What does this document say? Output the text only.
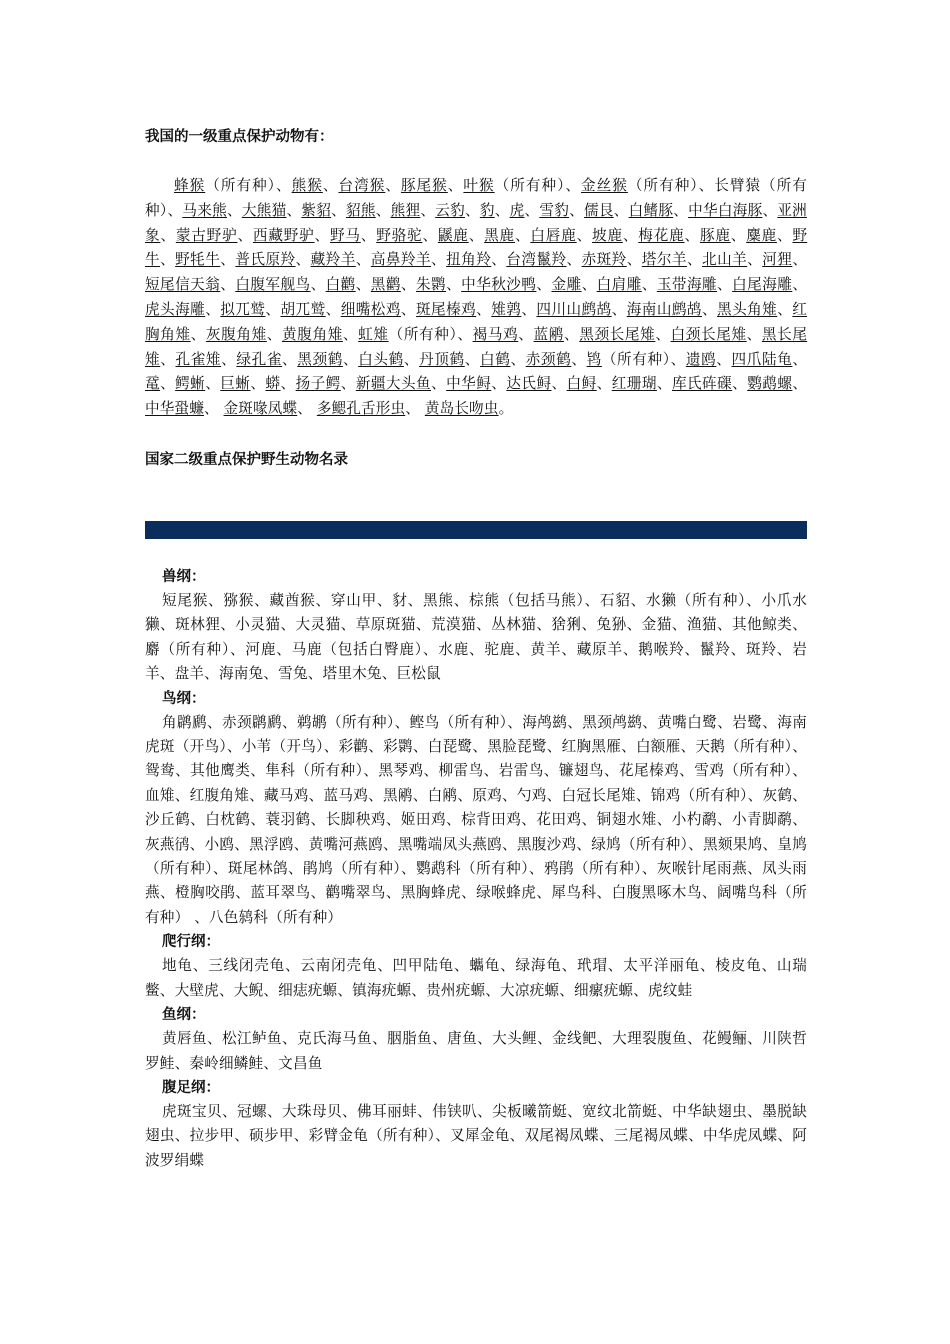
我国的一级重点保护动物有：
蜂猴（所有种）、熊猴、台湾猴、豚尾猴、叶猴（所有种）、金丝猴（所有种）、长臂猿（所有种）、马来熊、大熊猫、紫貂、貂熊、熊狸、云豹、豹、虎、雪豹、儒艮、白鳍豚、中华白海豚、亚洲象、蒙古野驴、西藏野驴、野马、野骆驼、鼷鹿、黑鹿、白唇鹿、坡鹿、梅花鹿、豚鹿、麋鹿、野牛、野牦牛、普氏原羚、藏羚羊、高鼻羚羊、扭角羚、台湾鬣羚、赤斑羚、塔尔羊、北山羊、河狸、短尾信天翁、白腹军舰鸟、白鹳、黑鹳、朱鹮、中华秋沙鸭、金雕、白肩雕、玉带海雕、白尾海雕、虎头海雕、拟兀鹫、胡兀鹫、细嘴松鸡、斑尾榛鸡、雉鹑、四川山鹧鸪、海南山鹧鸪、黑头角雉、红胸角雉、灰腹角雉、黄腹角雉、虹雉（所有种）、褐马鸡、蓝鹇、黑颈长尾雉、白颈长尾雉、黑长尾雉、孔雀雉、绿孔雀、黑颈鹤、白头鹤、丹顶鹤、白鹤、赤颈鹤、鸨（所有种）、遗鸥、四爪陆龟、鼋、鳄蜥、巨蜥、蟒、扬子鳄、新疆大头鱼、中华鲟、达氏鲟、白鲟、红珊瑚、库氏砗磲、鹦鹉螺、 中华蛩蠊、 金斑喙凤蝶、 多鳃孔舌形虫、 黄岛长吻虫。
国家二级重点保护野生动物名录
兽纲：
短尾猴、猕猴、藏酋猴、穿山甲、豺、黑熊、棕熊（包括马熊）、石貂、水獭（所有种）、小爪水獭、斑林狸、小灵猫、大灵猫、草原斑猫、荒漠猫、丛林猫、猞猁、兔狲、金猫、渔猫、其他鲸类、麝（所有种）、河鹿、马鹿（包括白臀鹿）、水鹿、驼鹿、黄羊、藏原羊、鹅喉羚、鬣羚、斑羚、岩羊、盘羊、海南兔、雪兔、塔里木兔、巨松鼠
鸟纲：
角䴙䴘、赤颈䴙䴘、鹈鹕（所有种）、鲣鸟（所有种）、海鸬鹚、黑颈鸬鹚、黄嘴白鹭、岩鹭、海南虎斑（开鸟）、小苇（开鸟）、彩鹳、彩鹮、白琵鹭、黑脸琵鹭、红胸黑雁、白额雁、天鹅（所有种）、鸳鸯、其他鹰类、隼科（所有种）、黑琴鸡、柳雷鸟、岩雷鸟、镰翅鸟、花尾榛鸡、雪鸡（所有种）、血雉、红腹角雉、藏马鸡、蓝马鸡、黑鹇、白鹇、原鸡、勺鸡、白冠长尾雉、锦鸡（所有种）、灰鹤、沙丘鹤、白枕鹤、蓑羽鹤、长脚秧鸡、姬田鸡、棕背田鸡、花田鸡、铜翅水雉、小杓鹬、小青脚鹬、灰燕鸻、小鸥、黑浮鸥、黄嘴河燕鸥、黑嘴端凤头燕鸥、黑腹沙鸡、绿鸠（所有种）、黑颏果鸠、皇鸠（所有种）、斑尾林鸽、鹃鸠（所有种）、鹦鹉科（所有种）、鸦鹃（所有种）、灰喉针尾雨燕、凤头雨燕、橙胸咬鹃、蓝耳翠鸟、鹳嘴翠鸟、黑胸蜂虎、绿喉蜂虎、犀鸟科、白腹黑啄木鸟、阔嘴鸟科（所有种） 、八色鸫科（所有种）
爬行纲：
地龟、三线闭壳龟、云南闭壳龟、凹甲陆龟、蠵龟、绿海龟、玳瑁、太平洋丽龟、棱皮龟、山瑞鳖、大壁虎、大鲵、细痣疣螈、镇海疣螈、贵州疣螈、大凉疣螈、细瘰疣螈、虎纹蛙
鱼纲：
黄唇鱼、松江鲈鱼、克氏海马鱼、胭脂鱼、唐鱼、大头鲤、金线鲃、大理裂腹鱼、花鳗鲡、川陕哲罗鲑、秦岭细鳞鲑、文昌鱼
腹足纲：
虎斑宝贝、冠螺、大珠母贝、佛耳丽蚌、伟铗叭、尖板曦箭蜓、宽纹北箭蜓、中华缺翅虫、墨脱缺翅虫、拉步甲、硕步甲、彩臂金龟（所有种）、叉犀金龟、双尾褐凤蝶、三尾褐凤蝶、中华虎凤蝶、阿波罗绢蝶
